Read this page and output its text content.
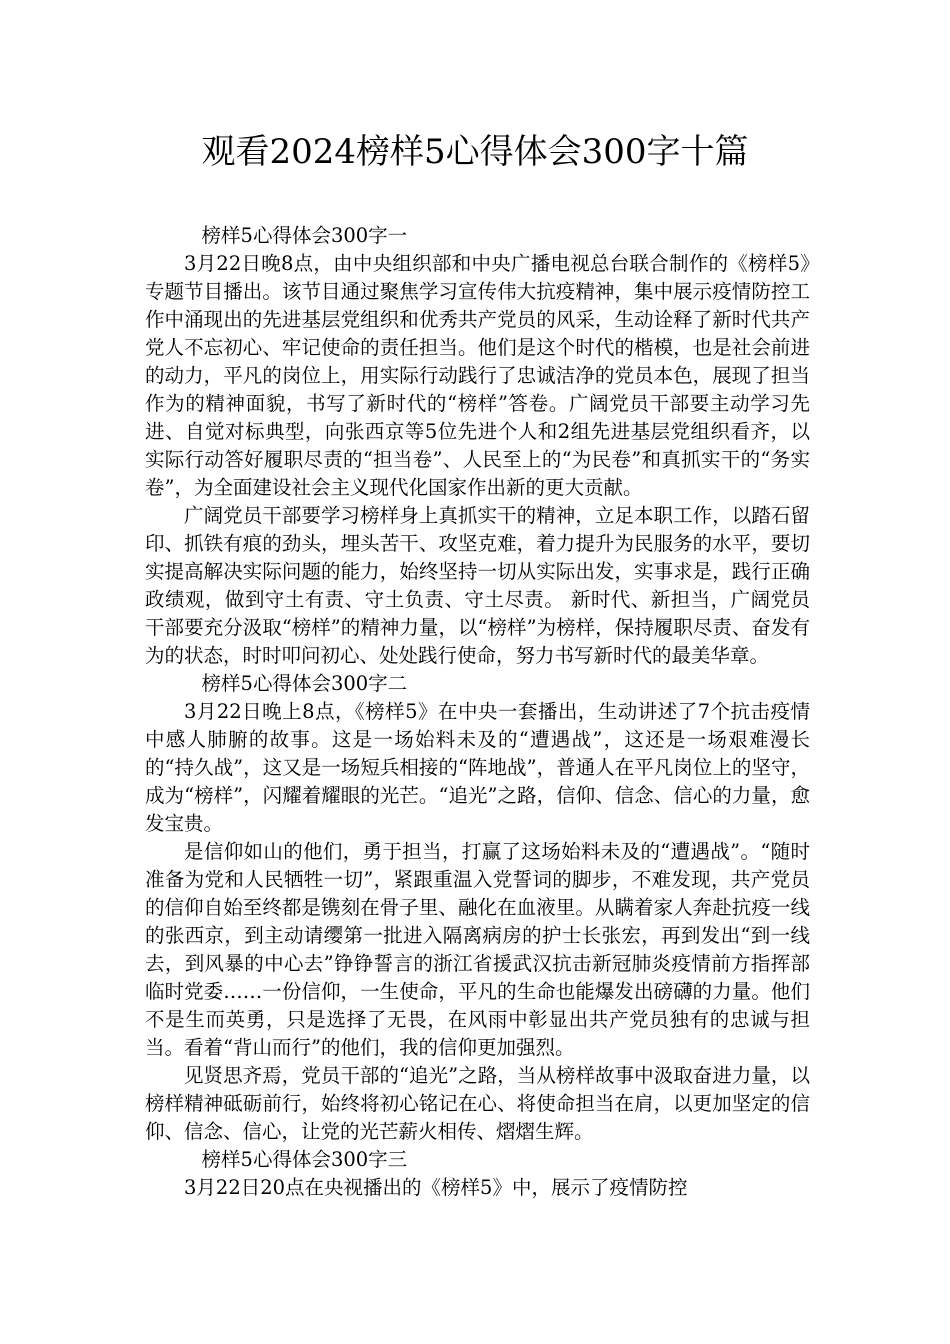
观看2024榜样5心得体会300字十篇

榜样5心得体会300字一

3月22日晚8点，由中央组织部和中央广播电视总台联合制作的《榜样5》专题节目播出。该节目通过聚焦学习宣传伟大抗疫精神，集中展示疫情防控工作中涌现出的先进基层党组织和优秀共产党员的风采，生动诠释了新时代共产党人不忘初心、牢记使命的责任担当。他们是这个时代的楷模，也是社会前进的动力，平凡的岗位上，用实际行动践行了忠诚洁净的党员本色，展现了担当作为的精神面貌，书写了新时代的“榜样”答卷。广阔党员干部要主动学习先进、自觉对标典型，向张西京等5位先进个人和2组先进基层党组织看齐，以实际行动答好履职尽责的“担当卷”、人民至上的“为民卷”和真抓实干的“务实卷”，为全面建设社会主义现代化国家作出新的更大贡献。

广阔党员干部要学习榜样身上真抓实干的精神，立足本职工作，以踏石留印、抓铁有痕的劲头，埋头苦干、攻坚克难，着力提升为民服务的水平，要切实提高解决实际问题的能力，始终坚持一切从实际出发，实事求是，践行正确政绩观，做到守土有责、守土负责、守土尽责。 新时代、新担当，广阔党员干部要充分汲取“榜样”的精神力量，以“榜样”为榜样，保持履职尽责、奋发有为的状态，时时叩问初心、处处践行使命，努力书写新时代的最美华章。

榜样5心得体会300字二

3月22日晚上8点，《榜样5》在中央一套播出，生动讲述了7个抗击疫情中感人肺腑的故事。这是一场始料未及的“遭遇战”，这还是一场艰难漫长的“持久战”，这又是一场短兵相接的“阵地战”，普通人在平凡岗位上的坚守，成为“榜样”，闪耀着耀眼的光芒。“追光”之路，信仰、信念、信心的力量，愈发宝贵。

是信仰如山的他们，勇于担当，打赢了这场始料未及的“遭遇战”。“随时准备为党和人民牺牲一切”，紧跟重温入党誓词的脚步，不难发现，共产党员的信仰自始至终都是镌刻在骨子里、融化在血液里。从瞒着家人奔赴抗疫一线的张西京，到主动请缨第一批进入隔离病房的护士长张宏，再到发出“到一线去，到风暴的中心去”铮铮誓言的浙江省援武汉抗击新冠肺炎疫情前方指挥部临时党委……一份信仰，一生使命，平凡的生命也能爆发出磅礴的力量。他们不是生而英勇，只是选择了无畏，在风雨中彰显出共产党员独有的忠诚与担当。看着“背山而行”的他们，我的信仰更加强烈。

见贤思齐焉，党员干部的“追光”之路，当从榜样故事中汲取奋进力量，以榜样精神砥砺前行，始终将初心铭记在心、将使命担当在肩，以更加坚定的信仰、信念、信心，让党的光芒薪火相传、熠熠生辉。

榜样5心得体会300字三

3月22日20点在央视播出的《榜样5》中，展示了疫情防控
